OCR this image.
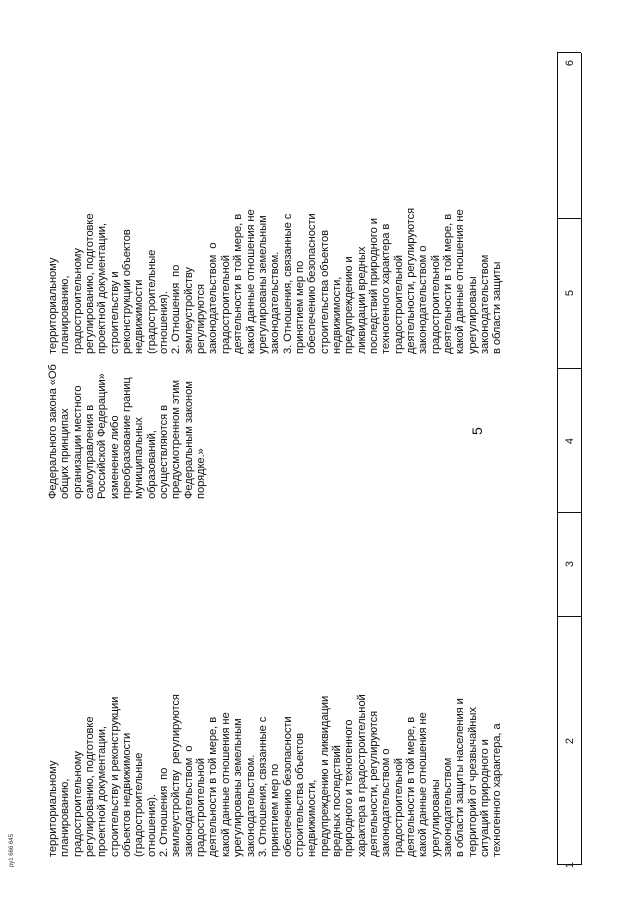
5
1
2
3
4
5
6
территориальному планированию, градостроительному регулированию, подготовке проектной документации, строительству и реконструкции объектов недвижимости (градостроительные отношения). 2. Отношения  по землеустройству  регулируются законодательством  о градостроительной деятельности в той мере, в какой данные отношения не урегулированы земельным законодательством. 3. Отношения, связанные с принятием мер по обеспечению безопасности строительства объектов недвижимости, предупреждению и ликвидации вредных последствий природного и техногенного характера в градостроительной деятельности, регулируются законодательством о градостроительной деятельности в той мере, в какой данные отношения не урегулированы законодательством в области защиты населения и территорий от чрезвычайных ситуаций природного и техногенного характера, а
Федерального закона «Об общих принципах организации местного самоуправления в Российской Федерации» изменение либо преобразование границ муниципальных образований, осуществляются в предусмотренном этим Федеральным законом порядке.»
территориальному планированию, градостроительному регулированию, подготовке проектной документации, строительству и реконструкции объектов недвижимости (градостроительные отношения). 2. Отношения  по землеустройству регулируются законодательством  о градостроительной деятельности в той мере, в какой данные отношения не урегулированы земельным законодательством. 3. Отношения, связанные с принятием мер по обеспечению безопасности строительства объектов недвижимости, предупреждению и ликвидации вредных последствий природного и техногенного характера в градостроительной деятельности, регулируются законодательством о градостроительной деятельности в той мере, в какой данные отношения не урегулированы законодательством в области защиты
ру1 666 645
